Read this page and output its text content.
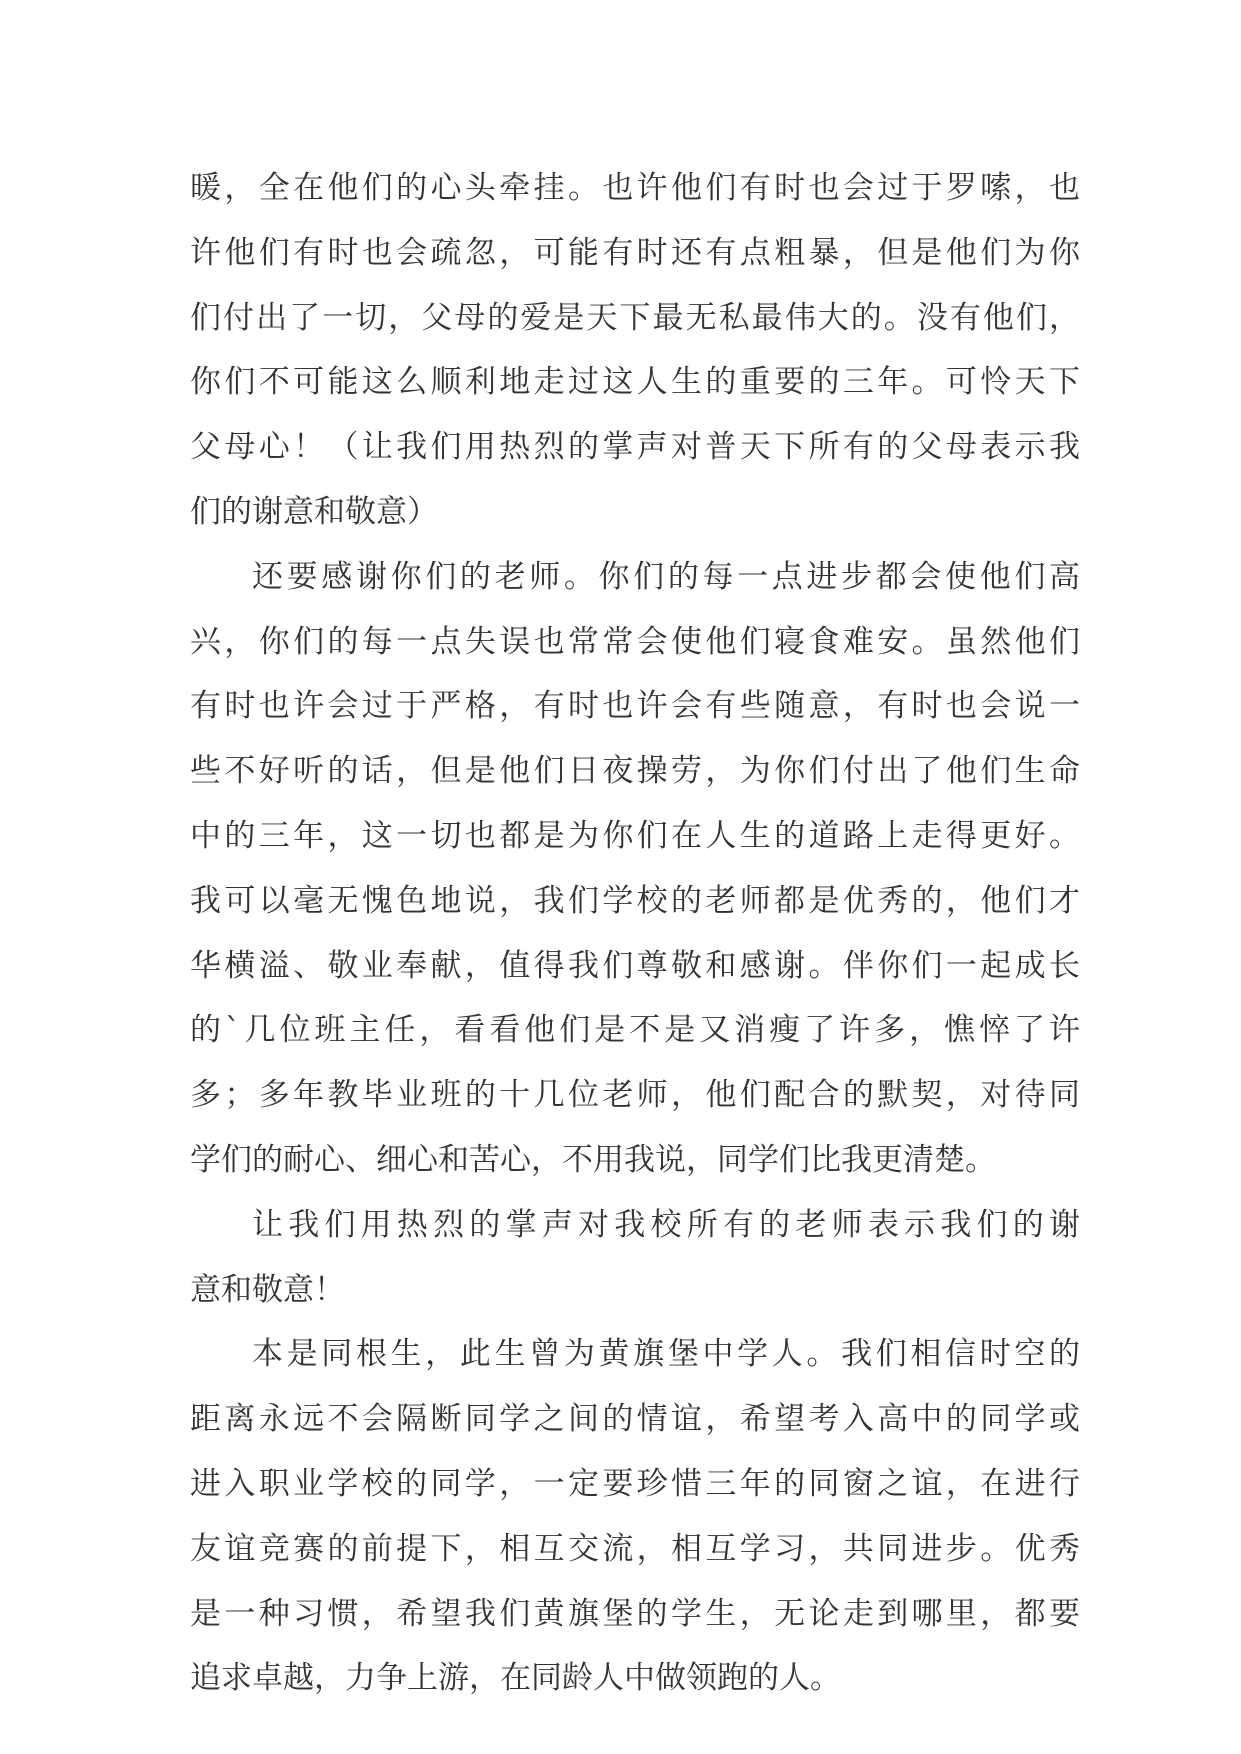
暖，全在他们的心头牵挂。也许他们有时也会过于罗嗦，也
许他们有时也会疏忽，可能有时还有点粗暴，但是他们为你
们付出了一切，父母的爱是天下最无私最伟大的。没有他们，
你们不可能这么顺利地走过这人生的重要的三年。可怜天下
父母心！（让我们用热烈的掌声对普天下所有的父母表示我
们的谢意和敬意）
还要感谢你们的老师。你们的每一点进步都会使他们高
兴，你们的每一点失误也常常会使他们寝食难安。虽然他们
有时也许会过于严格，有时也许会有些随意，有时也会说一
些不好听的话，但是他们日夜操劳，为你们付出了他们生命
中的三年，这一切也都是为你们在人生的道路上走得更好。
我可以毫无愧色地说，我们学校的老师都是优秀的，他们才
华横溢、敬业奉献，值得我们尊敬和感谢。伴你们一起成长
的`几位班主任，看看他们是不是又消瘦了许多，憔悴了许
多；多年教毕业班的十几位老师，他们配合的默契，对待同
学们的耐心、细心和苦心，不用我说，同学们比我更清楚。
让我们用热烈的掌声对我校所有的老师表示我们的谢
意和敬意！
本是同根生，此生曾为黄旗堡中学人。我们相信时空的
距离永远不会隔断同学之间的情谊，希望考入高中的同学或
进入职业学校的同学，一定要珍惜三年的同窗之谊，在进行
友谊竞赛的前提下，相互交流，相互学习，共同进步。优秀
是一种习惯，希望我们黄旗堡的学生，无论走到哪里，都要
追求卓越，力争上游，在同龄人中做领跑的人。
